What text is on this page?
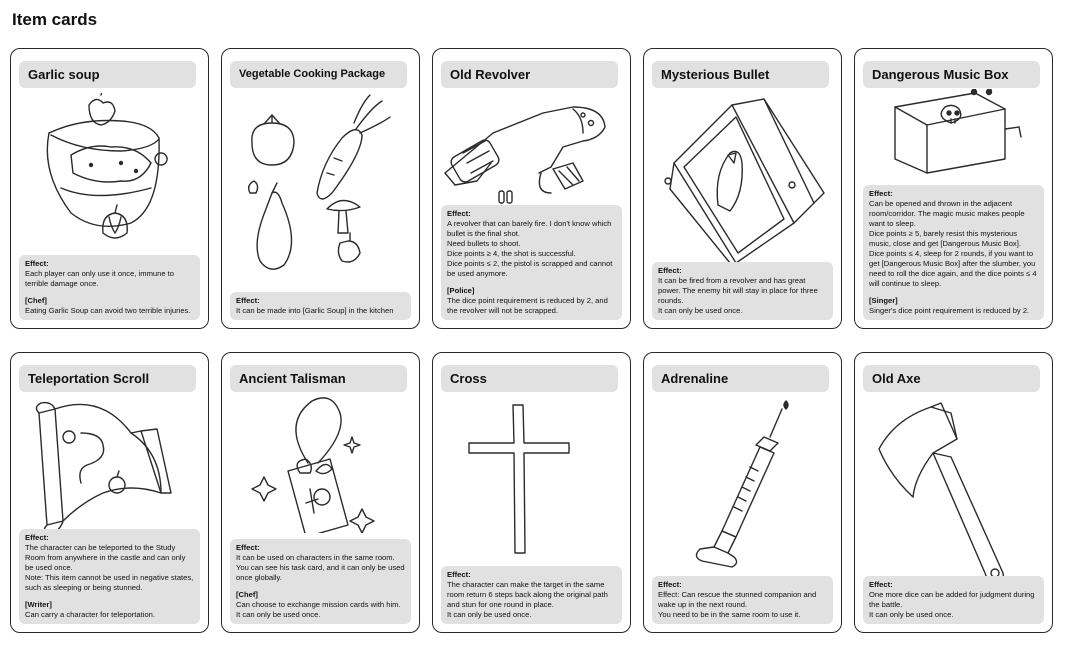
Item cards
Garlic soup

Effect:

Each player can only use it once, immune to terrible damage once.

[Chef]

Eating Garlic Soup can avoid two terrible injuries.

Vegetable Cooking Package

Effect:

It can be made into [Garlic Soup] in the kitchen

Old Revolver

Effect:

A revolver that can barely fire. I don't know which bullet is the final shot.

Need bullets to shoot.

Dice points ≥ 4, the shot is successful.

Dice points ≤ 2, the pistol is scrapped and cannot be used anymore.

[Police]

The dice point requirement is reduced by 2, and the revolver will not be scrapped.

Mysterious Bullet

Effect:

It can be fired from a revolver and has great power. The enemy hit will stay in place for three rounds.

It can only be used once.

Dangerous Music Box

Effect:

Can be opened and thrown in the adjacent room/corridor. The magic music makes people want to sleep.

Dice points ≥ 5, barely resist this mysterious music, close and get [Dangerous Music Box].

Dice points ≤ 4, sleep for 2 rounds, if you want to get [Dangerous Music Box] after the slumber, you need to roll the dice again, and the dice points ≤ 4 will continue to sleep.

[Singer]

Singer's dice point requirement is reduced by 2.

Teleportation Scroll

Effect:

The character can be teleported to the Study Room from anywhere in the castle and can only be used once.

Note: This item cannot be used in negative states, such as sleeping or being stunned.

[Writer]

Can carry a character for teleportation.

Ancient Talisman

Effect:

It can be used on characters in the same room. You can see his task card, and it can only be used once globally.

[Chef]

Can choose to exchange mission cards with him.

It can only be used once.

Cross

Effect:

The character can make the target in the same room return 6 steps back along the original path and stun for one round in place.

It can only be used once.

Adrenaline

Effect:

Effect: Can rescue the stunned companion and wake up in the next round.

You need to be in the same room to use it.

Old Axe

Effect:

One more dice can be added for judgment during the battle.

It can only be used once.
